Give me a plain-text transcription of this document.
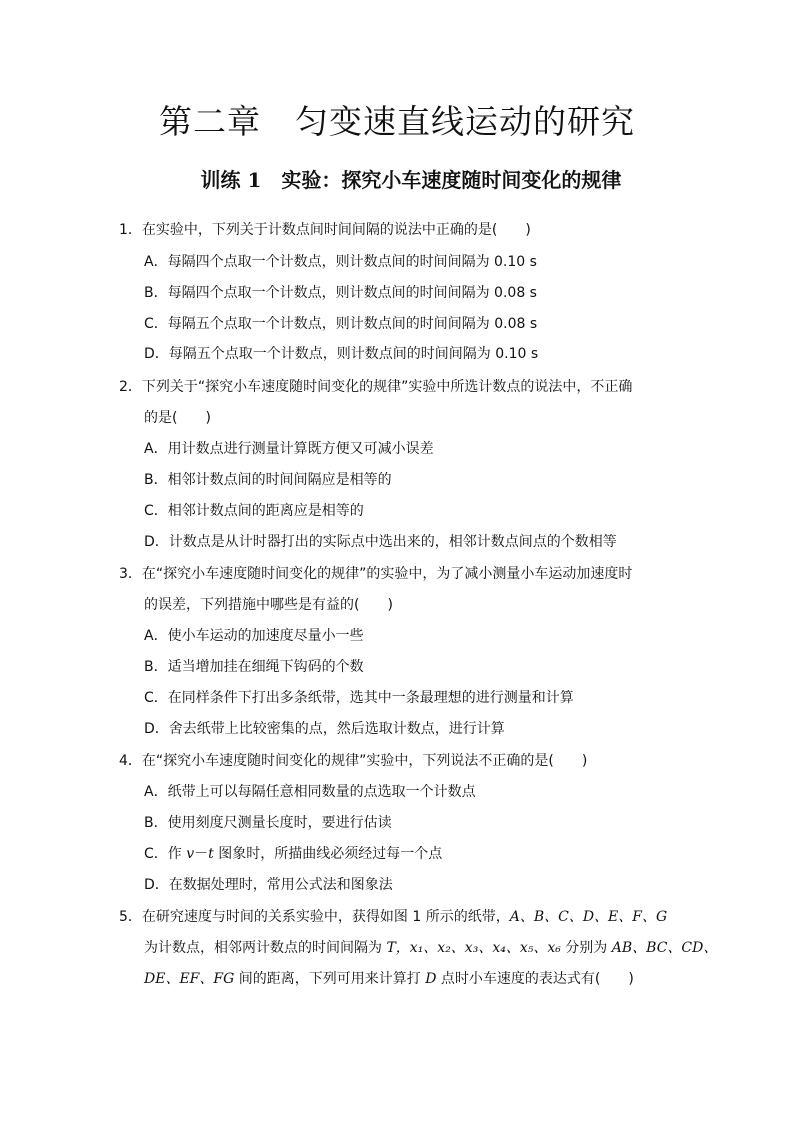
第二章　匀变速直线运动的研究
训练 1　实验：探究小车速度随时间变化的规律
1．在实验中，下列关于计数点间时间间隔的说法中正确的是(　　)
A．每隔四个点取一个计数点，则计数点间的时间间隔为 0.10 s
B．每隔四个点取一个计数点，则计数点间的时间间隔为 0.08 s
C．每隔五个点取一个计数点，则计数点间的时间间隔为 0.08 s
D．每隔五个点取一个计数点，则计数点间的时间间隔为 0.10 s
2．下列关于“探究小车速度随时间变化的规律”实验中所选计数点的说法中，不正确
的是(　　)
A．用计数点进行测量计算既方便又可减小误差
B．相邻计数点间的时间间隔应是相等的
C．相邻计数点间的距离应是相等的
D．计数点是从计时器打出的实际点中选出来的，相邻计数点间点的个数相等
3．在“探究小车速度随时间变化的规律”的实验中，为了减小测量小车运动加速度时
的误差，下列措施中哪些是有益的(　　)
A．使小车运动的加速度尽量小一些
B．适当增加挂在细绳下钩码的个数
C．在同样条件下打出多条纸带，选其中一条最理想的进行测量和计算
D．舍去纸带上比较密集的点，然后选取计数点，进行计算
4．在“探究小车速度随时间变化的规律”实验中，下列说法不正确的是(　　)
A．纸带上可以每隔任意相同数量的点选取一个计数点
B．使用刻度尺测量长度时，要进行估读
C．作 v－t 图象时，所描曲线必须经过每一个点
D．在数据处理时，常用公式法和图象法
5．在研究速度与时间的关系实验中，获得如图 1 所示的纸带，A、B、C、D、E、F、G
为计数点，相邻两计数点的时间间隔为 T，x₁、x₂、x₃、x₄、x₅、x₆ 分别为 AB、BC、CD、
DE、EF、FG 间的距离，下列可用来计算打 D 点时小车速度的表达式有(　　)
